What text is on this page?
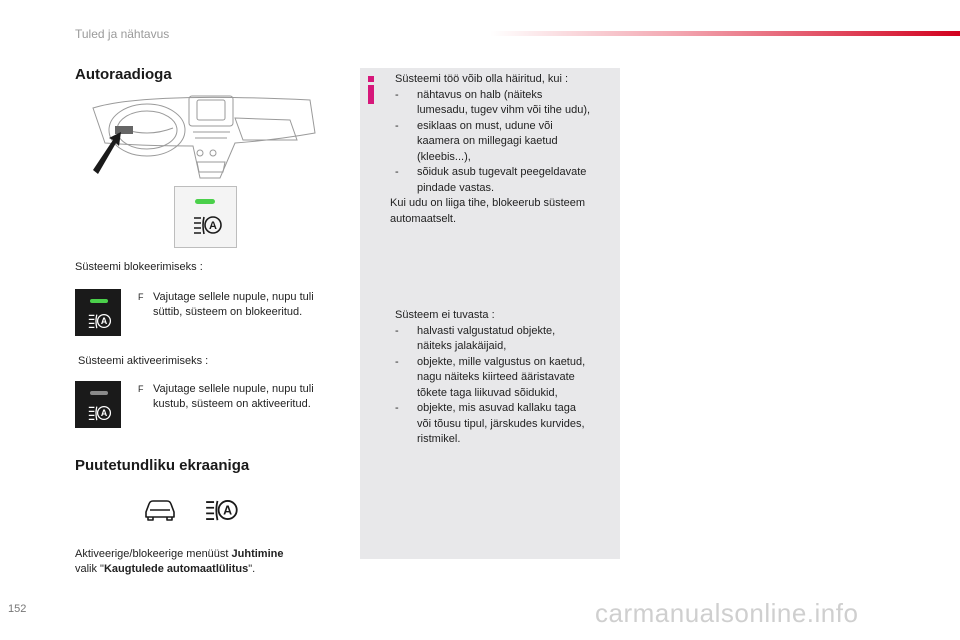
Tuled ja nähtavus
Autoraadioga
A
Süsteemi blokeerimiseks :
A
F Vajutage sellele nupule, nupu tuli
süttib, süsteem on blokeeritud.
Süsteemi aktiveerimiseks :
A
F Vajutage sellele nupule, nupu tuli
kustub, süsteem on aktiveeritud.
Puutetundliku ekraaniga
A
Aktiveerige/blokeerige menüüst Juhtimine
valik "Kaugtulede automaatlülitus".
Süsteemi töö võib olla häiritud, kui :
- nähtavus on halb (näiteks
lumesadu, tugev vihm või tihe udu),
- esiklaas on must, udune või
kaamera on millegagi kaetud
(kleebis...),
- sõiduk asub tugevalt peegeldavate
pindade vastas.
Kui udu on liiga tihe, blokeerub süsteem
automaatselt.
Süsteem ei tuvasta :
- halvasti valgustatud objekte,
näiteks jalakäijaid,
- objekte, mille valgustus on kaetud,
nagu näiteks kiirteed ääristavate
tõkete taga liikuvad sõidukid,
- objekte, mis asuvad kallaku taga
või tõusu tipul, järskudes kurvides,
ristmikel.
152	carmanualsonline.info
